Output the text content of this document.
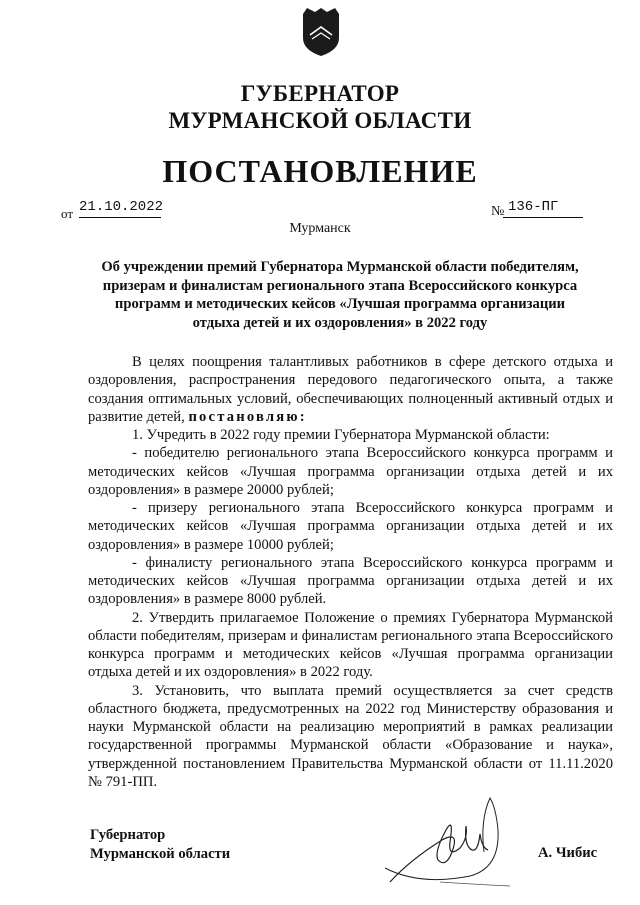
ГУБЕРНАТОР
МУРМАНСКОЙ ОБЛАСТИ
ПОСТАНОВЛЕНИЕ
от 21.10.2022	№ 136-ПГ
Мурманск
Об учреждении премий Губернатора Мурманской области победителям, призерам и финалистам регионального этапа Всероссийского конкурса программ и методических кейсов «Лучшая программа организации отдыха детей и их оздоровления» в 2022 году

В целях поощрения талантливых работников в сфере детского отдыха и оздоровления, распространения передового педагогического опыта, а также создания оптимальных условий, обеспечивающих полноценный активный отдых и развитие детей, постановляю:

1. Учредить в 2022 году премии Губернатора Мурманской области:

- победителю регионального этапа Всероссийского конкурса программ и методических кейсов «Лучшая программа организации отдыха детей и их оздоровления» в размере 20000 рублей;

- призеру регионального этапа Всероссийского конкурса программ и методических кейсов «Лучшая программа организации отдыха детей и их оздоровления» в размере 10000 рублей;

- финалисту регионального этапа Всероссийского конкурса программ и методических кейсов «Лучшая программа организации отдыха детей и их оздоровления» в размере 8000 рублей.

2. Утвердить прилагаемое Положение о премиях Губернатора Мурманской области победителям, призерам и финалистам регионального этапа Всероссийского конкурса программ и методических кейсов «Лучшая программа организации отдыха детей и их оздоровления» в 2022 году.

3. Установить, что выплата премий осуществляется за счет средств областного бюджета, предусмотренных на 2022 год Министерству образования и науки Мурманской области на реализацию мероприятий в рамках реализации государственной программы Мурманской области «Образование и наука», утвержденной постановлением Правительства Мурманской области от 11.11.2020 № 791-ПП.

Губернатор
Мурманской области	А. Чибис
